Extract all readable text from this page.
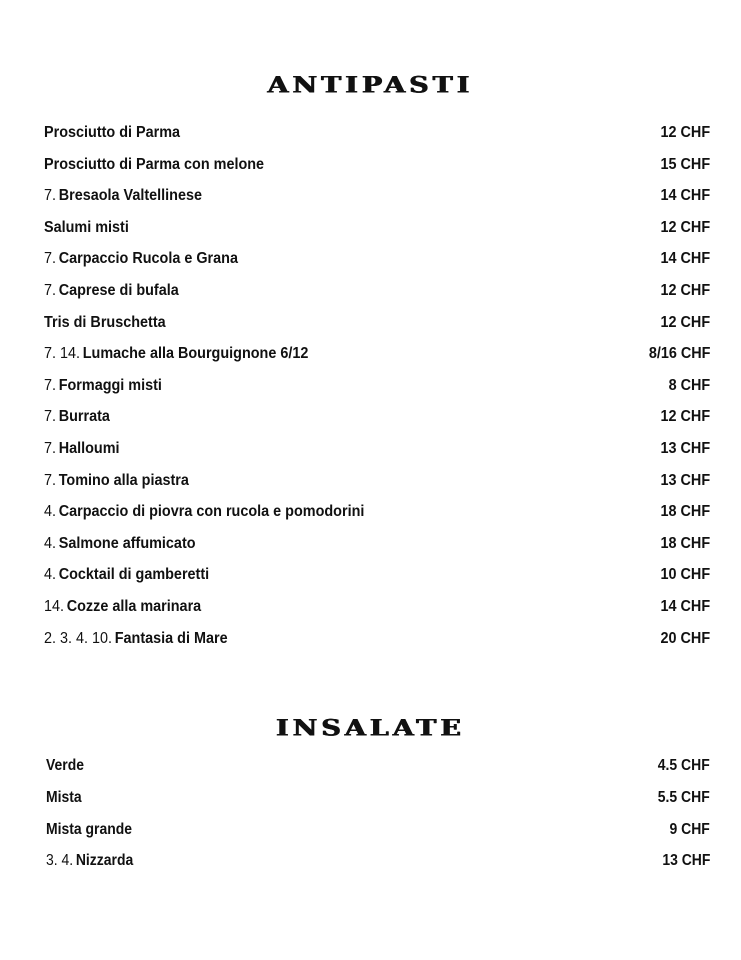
ANTIPASTI
Prosciutto di Parma	12 CHF
Prosciutto di Parma con melone	15 CHF
7. Bresaola Valtellinese	14 CHF
Salumi misti	12 CHF
7. Carpaccio Rucola e Grana	14 CHF
7. Caprese di bufala	12 CHF
Tris di Bruschetta	12 CHF
7. 14. Lumache alla Bourguignone 6/12	8/16 CHF
7. Formaggi misti	8 CHF
7. Burrata	12 CHF
7. Halloumi	13 CHF
7. Tomino alla piastra	13 CHF
4. Carpaccio di piovra con rucola e pomodorini	18 CHF
4. Salmone affumicato	18 CHF
4. Cocktail di gamberetti	10 CHF
14. Cozze alla marinara	14 CHF
2. 3. 4. 10. Fantasia di Mare	20 CHF
INSALATE
Verde	4.5 CHF
Mista	5.5 CHF
Mista grande	9 CHF
3. 4. Nizzarda	13 CHF
